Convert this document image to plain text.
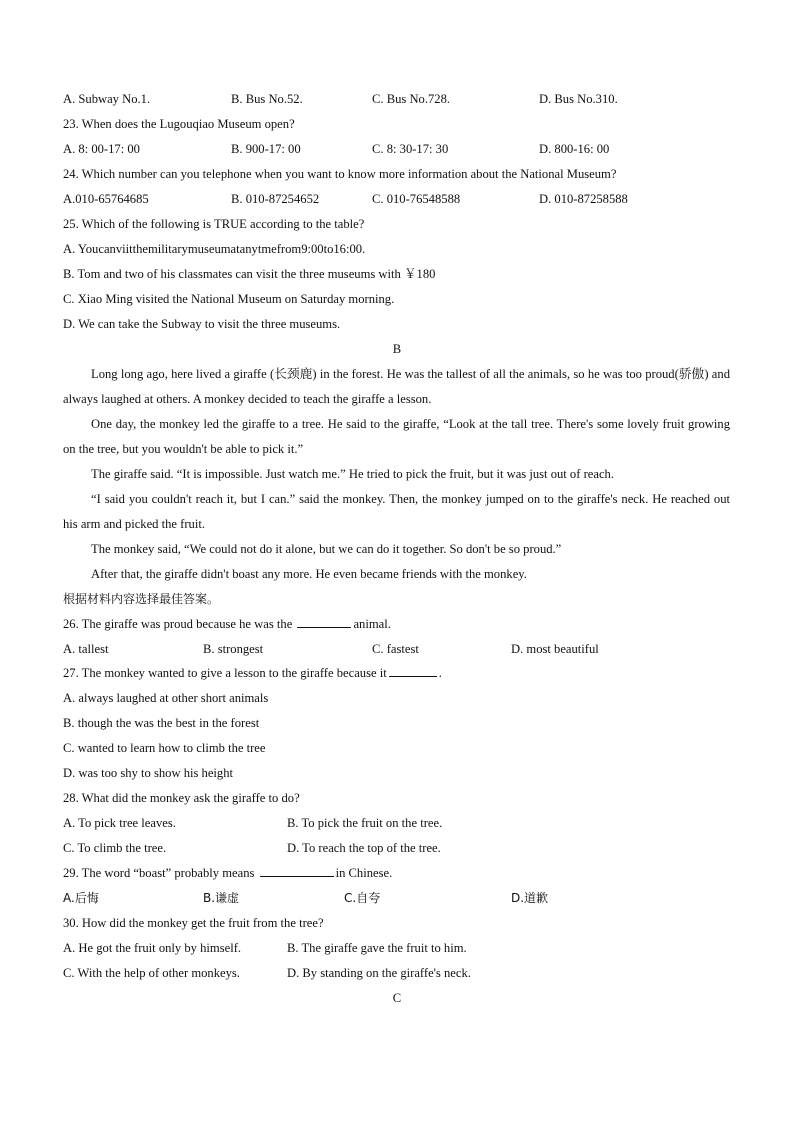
A. Subway No.1.	B. Bus No.52.	C. Bus No.728.	D. Bus No.310.
23. When does the Lugouqiao Museum open?
A. 8: 00-17: 00	B. 900-17: 00	C. 8: 30-17: 30	D. 800-16: 00
24. Which number can you telephone when you want to know more information about the National Museum?
A.010-65764685	B. 010-87254652	C. 010-76548588	D. 010-87258588
25. Which of the following is TRUE according to the table?
A. Youcanviitthemilitarymuseumatanytmefrom9:00to16:00.
B. Tom and two of his classmates can visit the three museums with ￥180
C. Xiao Ming visited the National Museum on Saturday morning.
D. We can take the Subway to visit the three museums.
B
Long long ago, here lived a giraffe (长颈鹿) in the forest. He was the tallest of all the animals, so he was too proud(骄傲) and always laughed at others. A monkey decided to teach the giraffe a lesson.
One day, the monkey led the giraffe to a tree. He said to the giraffe, “Look at the tall tree. There's some lovely fruit growing on the tree, but you wouldn't be able to pick it.”
The giraffe said. “It is impossible. Just watch me.” He tried to pick the fruit, but it was just out of reach.
“I said you couldn't reach it, but I can.” said the monkey. Then, the monkey jumped on to the giraffe's neck. He reached out his arm and picked the fruit.
The monkey said, “We could not do it alone, but we can do it together. So don't be so proud.”
After that, the giraffe didn't boast any more. He even became friends with the monkey.
根据材料内容选择最佳答案。
26. The giraffe was proud because he was the	animal.
A. tallest	B. strongest	C. fastest	D. most beautiful
27. The monkey wanted to give a lesson to the giraffe because it	.
A. always laughed at other short animals
B. though the was the best in the forest
C. wanted to learn how to climb the tree
D. was too shy to show his height
28. What did the monkey ask the giraffe to do?
A. To pick tree leaves.	B. To pick the fruit on the tree.
C. To climb the tree.	D. To reach the top of the tree.
29. The word “boast” probably means	in Chinese.
A.后悔	B.谦虚	C.自夸	D.道歉
30. How did the monkey get the fruit from the tree?
A. He got the fruit only by himself.	B. The giraffe gave the fruit to him.
C. With the help of other monkeys.	D. By standing on the giraffe's neck.
C
